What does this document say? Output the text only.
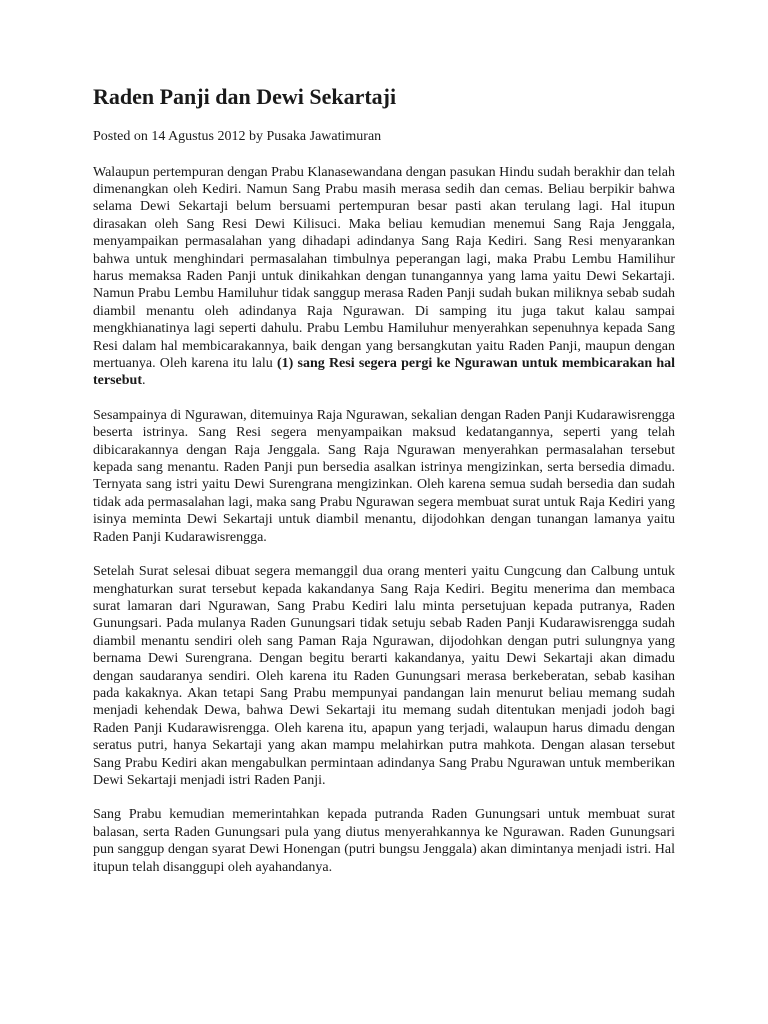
Raden Panji dan Dewi Sekartaji

Posted on 14 Agustus 2012 by Pusaka Jawatimuran

Walaupun pertempuran dengan Prabu Klanasewandana dengan pasukan Hindu sudah berakhir dan telah dimenangkan oleh Kediri. Namun Sang Prabu masih merasa sedih dan cemas. Beliau berpikir bahwa selama Dewi Sekartaji belum bersuami pertempuran besar pasti akan terulang lagi. Hal itupun dirasakan oleh Sang Resi Dewi Kilisuci. Maka beliau kemudian menemui Sang Raja Jenggala, menyampaikan permasalahan yang dihadapi adindanya Sang Raja Kediri. Sang Resi menyarankan bahwa untuk menghindari permasalahan timbulnya peperangan lagi, maka Prabu Lembu Hamilihur harus memaksa Raden Panji untuk dinikahkan dengan tunangannya yang lama yaitu Dewi Sekartaji. Namun Prabu Lembu Hamiluhur tidak sanggup merasa Raden Panji sudah bukan miliknya sebab sudah diambil menantu oleh adindanya Raja Ngurawan. Di samping itu juga takut kalau sampai mengkhianatinya lagi seperti dahulu. Prabu Lembu Hamiluhur menyerahkan sepenuhnya kepada Sang Resi dalam hal membicarakannya, baik dengan yang bersangkutan yaitu Raden Panji, maupun dengan mertuanya. Oleh karena itu lalu (1) sang Resi segera pergi ke Ngurawan untuk membicarakan hal tersebut.

Sesampainya di Ngurawan, ditemuinya Raja Ngurawan, sekalian dengan Raden Panji Kudarawisrengga beserta istrinya. Sang Resi segera menyampaikan maksud kedatangannya, seperti yang telah dibicarakannya dengan Raja Jenggala. Sang Raja Ngurawan menyerahkan permasalahan tersebut kepada sang menantu. Raden Panji pun bersedia asalkan istrinya mengizinkan, serta bersedia dimadu. Ternyata sang istri yaitu Dewi Surengrana mengizinkan. Oleh karena semua sudah bersedia dan sudah tidak ada permasalahan lagi, maka sang Prabu Ngurawan segera membuat surat untuk Raja Kediri yang isinya meminta Dewi Sekartaji untuk diambil menantu, dijodohkan dengan tunangan lamanya yaitu Raden Panji Kudarawisrengga.

Setelah Surat selesai dibuat segera memanggil dua orang menteri yaitu Cungcung dan Calbung untuk menghaturkan surat tersebut kepada kakandanya Sang Raja Kediri. Begitu menerima dan membaca surat lamaran dari Ngurawan, Sang Prabu Kediri lalu minta persetujuan kepada putranya, Raden Gunungsari. Pada mulanya Raden Gunungsari tidak setuju sebab Raden Panji Kudarawisrengga sudah diambil menantu sendiri oleh sang Paman Raja Ngurawan, dijodohkan dengan putri sulungnya yang bernama Dewi Surengrana. Dengan begitu berarti kakandanya, yaitu Dewi Sekartaji akan dimadu dengan saudaranya sendiri. Oleh karena itu Raden Gunungsari merasa berkeberatan, sebab kasihan pada kakaknya. Akan tetapi Sang Prabu mempunyai pandangan lain menurut beliau memang sudah menjadi kehendak Dewa, bahwa Dewi Sekartaji itu memang sudah ditentukan menjadi jodoh bagi Raden Panji Kudarawisrengga. Oleh karena itu, apapun yang terjadi, walaupun harus dimadu dengan seratus putri, hanya Sekartaji yang akan mampu melahirkan putra mahkota. Dengan alasan tersebut Sang Prabu Kediri akan mengabulkan permintaan adindanya Sang Prabu Ngurawan untuk memberikan Dewi Sekartaji menjadi istri Raden Panji.

Sang Prabu kemudian memerintahkan kepada putranda Raden Gunungsari untuk membuat surat balasan, serta Raden Gunungsari pula yang diutus menyerahkannya ke Ngurawan. Raden Gunungsari pun sanggup dengan syarat Dewi Honengan (putri bungsu Jenggala) akan dimintanya menjadi istri. Hal itupun telah disanggupi oleh ayahandanya.
